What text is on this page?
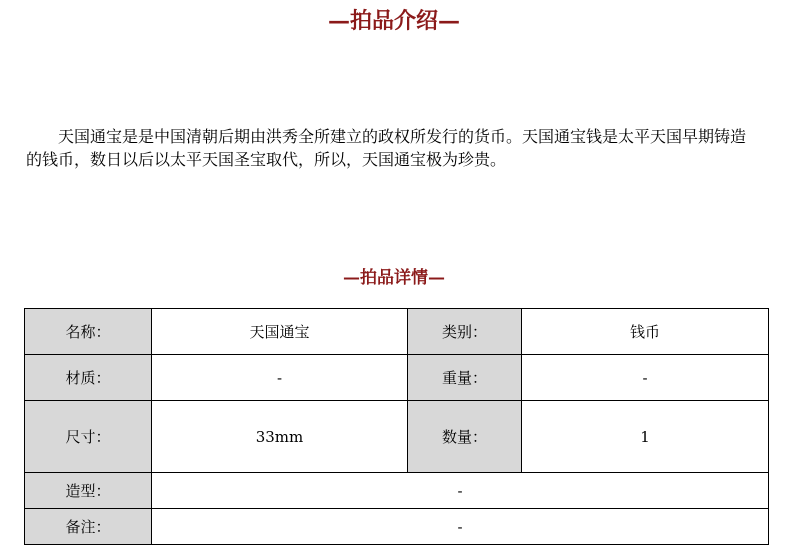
—拍品介绍—

天国通宝是是中国清朝后期由洪秀全所建立的政权所发行的货币。天国通宝钱是太平天国早期铸造的钱币，数日以后以太平天国圣宝取代，所以，天国通宝极为珍贵。

—拍品详情—
名称：	天国通宝	类别：	钱币
材质：	-	重量：	-
尺寸：	33mm	数量：	1
造型：	-		
备注：	-		
